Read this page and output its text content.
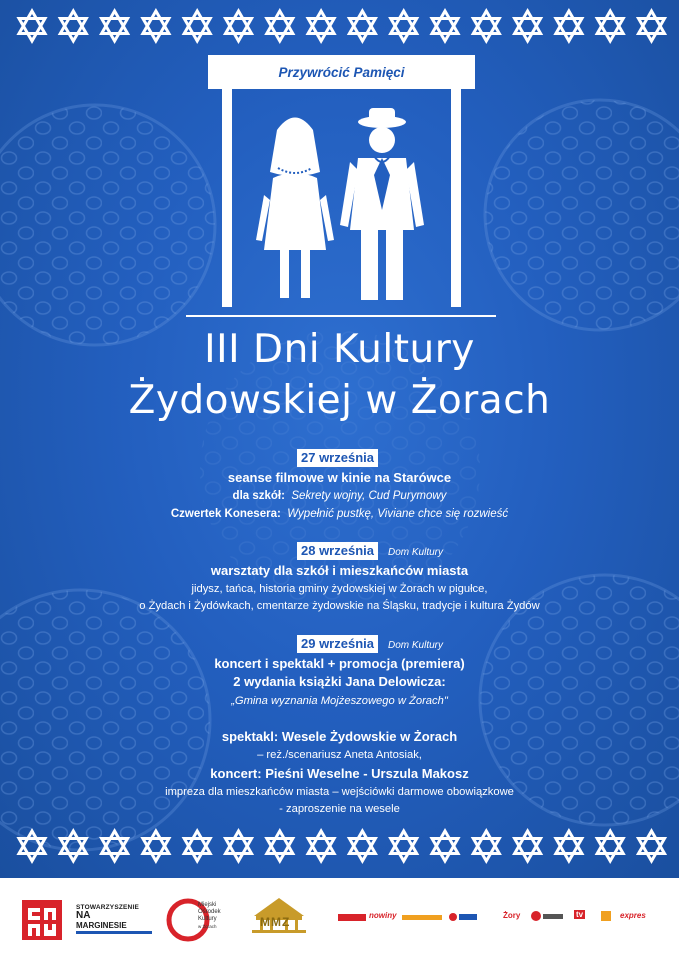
Przywrócić Pamięci
III Dni Kultury
Żydowskiej w Żorach
27 września
seanse filmowe w kinie na Starówce
dla szkół: Sekrety wojny, Cud Purymowy
Czwertek Konesera: Wypełnić pustkę, Viviane chce się rozwieść
28 września	Dom Kultury
warsztaty dla szkół i mieszkańców miasta
jidysz, tańca, historia gminy żydowskiej w Żorach w pigułce,
o Żydach i Żydówkach, cmentarze żydowskie na Śląsku, tradycje i kultura Żydów
29 września	Dom Kultury
koncert i spektakl + promocja (premiera)
2 wydania książki Jana Delowicza:
„Gmina wyznania Mojżeszowego w Żorach"
spektakl: Wesele Żydowskie w Żorach
– reż./scenariusz Aneta Antosiak,
koncert: Pieśni Weselne - Urszula Makosz
impreza dla mieszkańców miasta – wejściówki darmowe obowiązkowe
- zaproszenie na wesele
STOWARZYSZENIE
NA
MARGINESIE
Miejski
Ośrodek
Kultury
w Żorach	MMZ	nowiny	Żory	tv	expres
